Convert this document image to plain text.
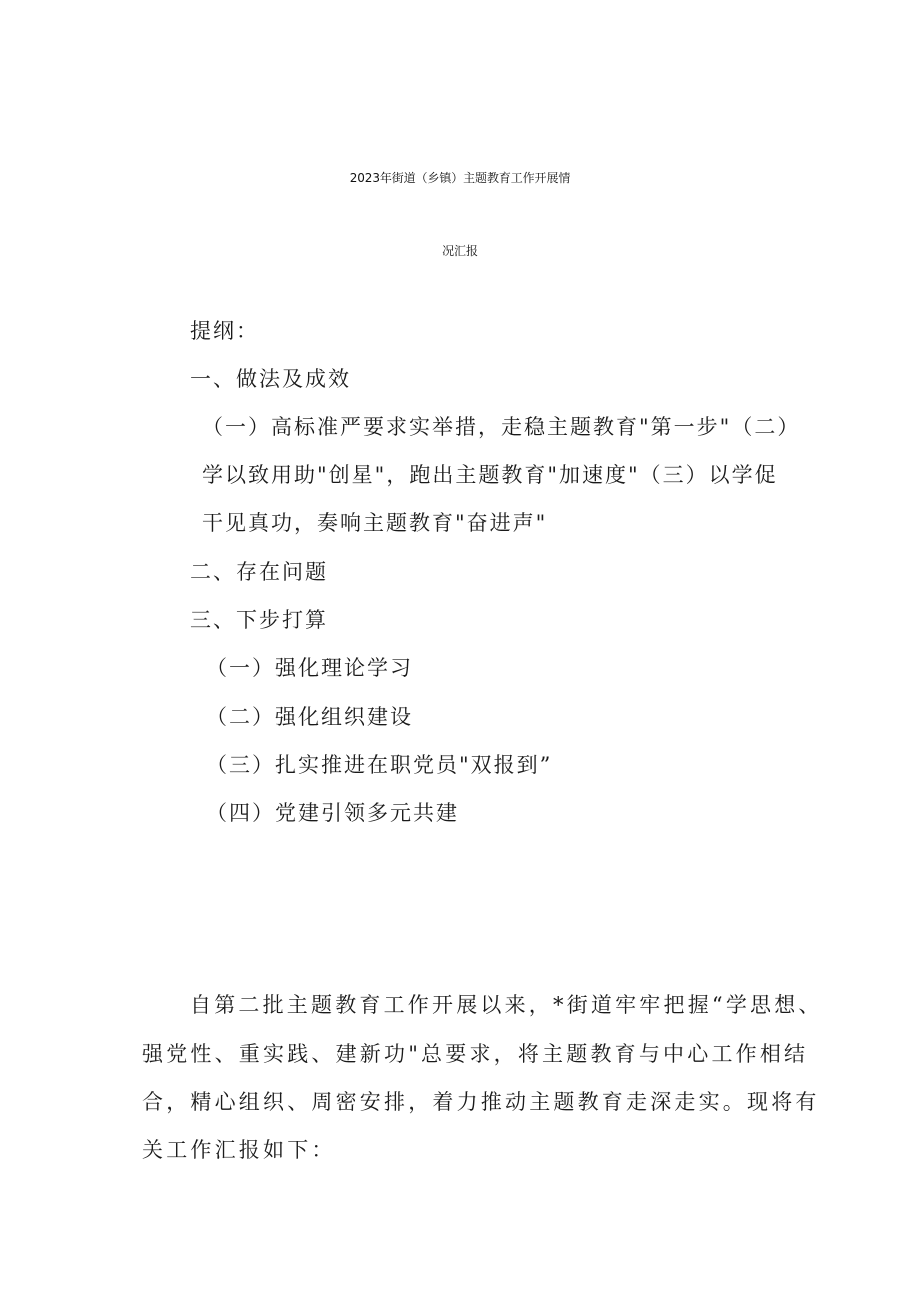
2023年街道（乡镇）主题教育工作开展情
况汇报
提纲：
一、做法及成效
（一）高标准严要求实举措，走稳主题教育"第一步"（二）
学以致用助"创星"，跑出主题教育"加速度"（三）以学促
干见真功，奏响主题教育"奋进声"
二、存在问题
三、下步打算
（一）强化理论学习
（二）强化组织建设
（三）扎实推进在职党员"双报到”
（四）党建引领多元共建
自第二批主题教育工作开展以来，*街道牢牢把握“学思想、
强党性、重实践、建新功"总要求，将主题教育与中心工作相结
合，精心组织、周密安排，着力推动主题教育走深走实。现将有
关工作汇报如下：
